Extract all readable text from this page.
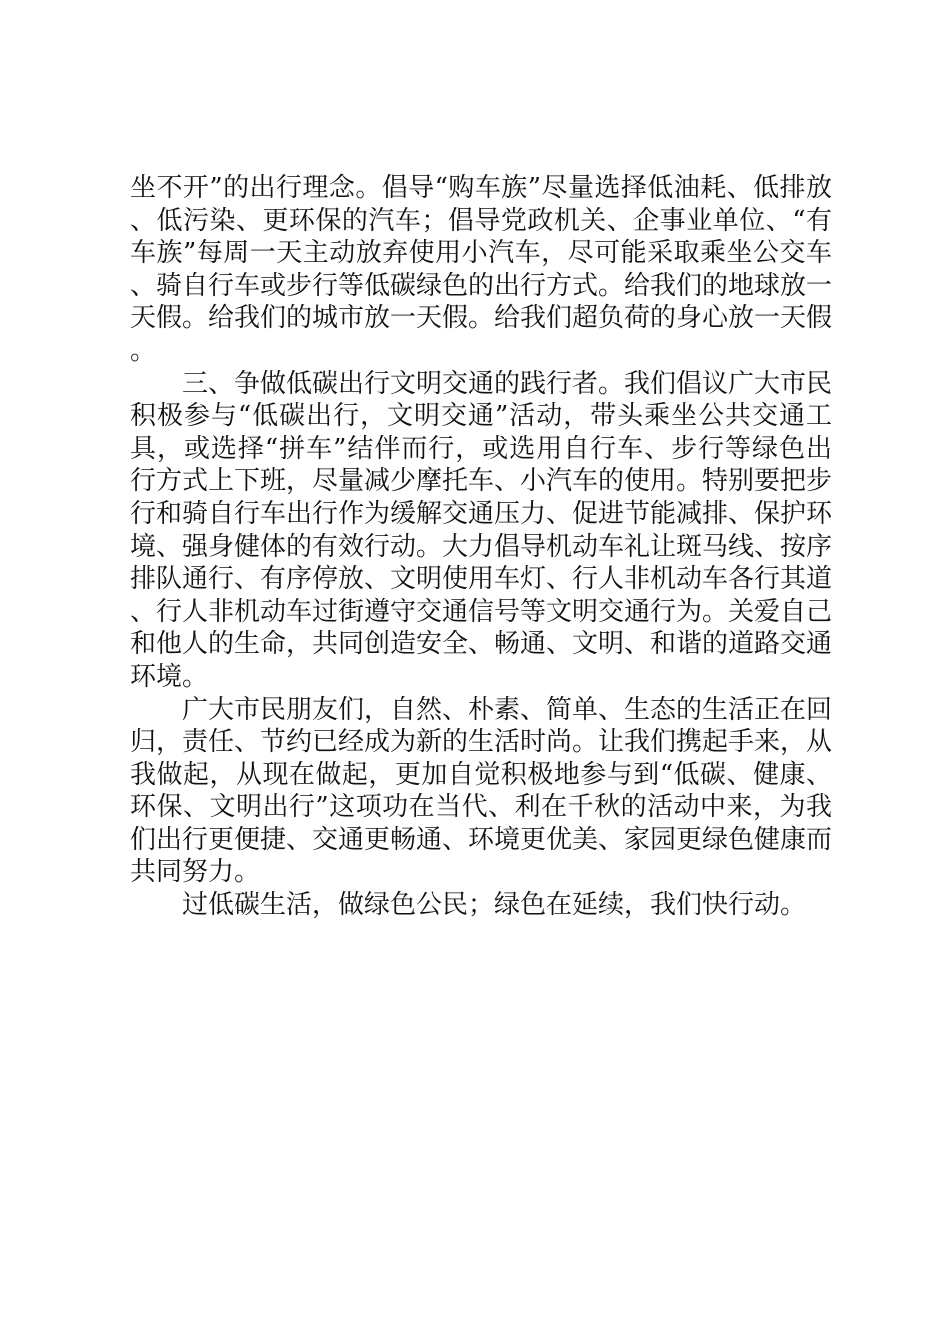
坐不开”的出行理念。倡导“购车族”尽量选择低油耗、低排放、低污染、更环保的汽车；倡导党政机关、企事业单位、“有车族”每周一天主动放弃使用小汽车，尽可能采取乘坐公交车、骑自行车或步行等低碳绿色的出行方式。给我们的地球放一天假。给我们的城市放一天假。给我们超负荷的身心放一天假。

三、争做低碳出行文明交通的践行者。我们倡议广大市民积极参与“低碳出行，文明交通”活动，带头乘坐公共交通工具，或选择“拼车”结伴而行，或选用自行车、步行等绿色出行方式上下班，尽量减少摩托车、小汽车的使用。特别要把步行和骑自行车出行作为缓解交通压力、促进节能减排、保护环境、强身健体的有效行动。大力倡导机动车礼让斑马线、按序排队通行、有序停放、文明使用车灯、行人非机动车各行其道、行人非机动车过街遵守交通信号等文明交通行为。关爱自己和他人的生命，共同创造安全、畅通、文明、和谐的道路交通环境。

广大市民朋友们，自然、朴素、简单、生态的生活正在回归，责任、节约已经成为新的生活时尚。让我们携起手来，从我做起，从现在做起，更加自觉积极地参与到“低碳、健康、环保、文明出行”这项功在当代、利在千秋的活动中来，为我们出行更便捷、交通更畅通、环境更优美、家园更绿色健康而共同努力。

过低碳生活，做绿色公民；绿色在延续，我们快行动。
